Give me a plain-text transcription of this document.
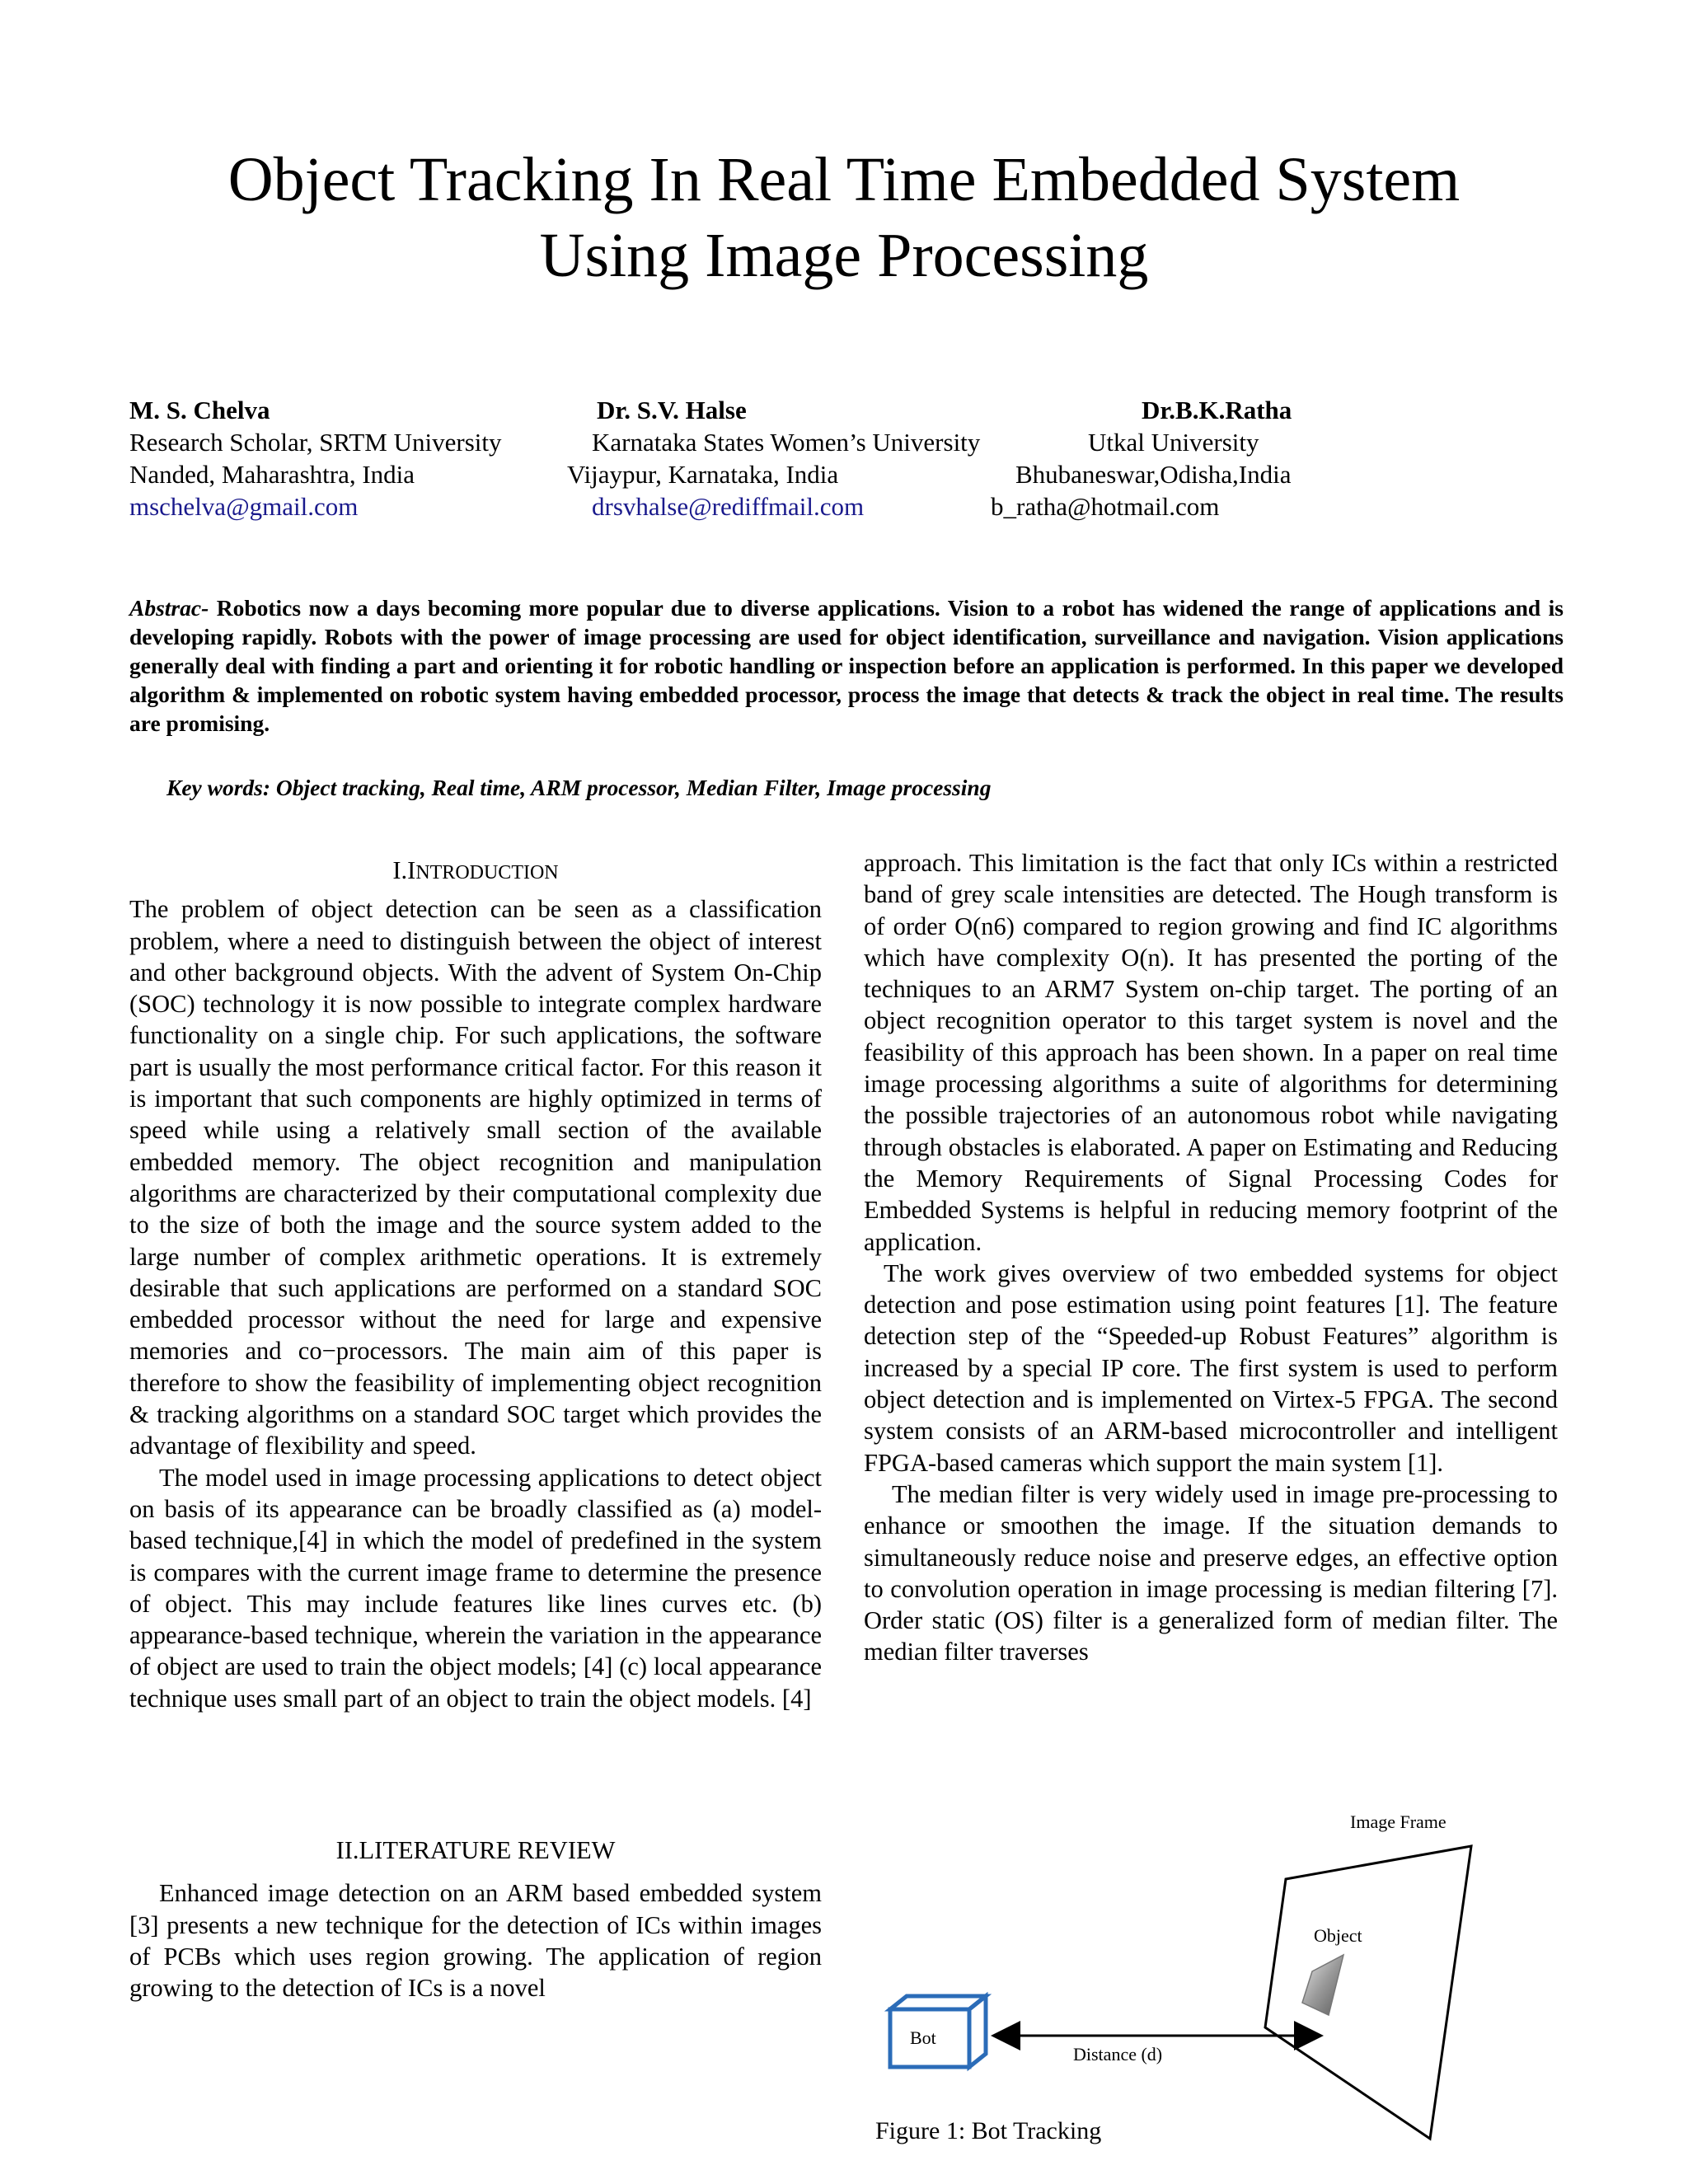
Object Tracking In Real Time Embedded System
Using Image Processing
M. S. Chelva
Research Scholar, SRTM University
Nanded, Maharashtra, India
mschelva@gmail.com
Dr. S.V. Halse
Karnataka States Women’s University
Vijaypur, Karnataka, India
drsvhalse@rediffmail.com
Dr.B.K.Ratha
Utkal University
Bhubaneswar,Odisha,India
b_ratha@hotmail.com
Abstrac- Robotics now a days becoming more popular due to diverse applications. Vision to a robot has widened the range of applications and is developing rapidly. Robots with the power of image processing are used for object identification, surveillance and navigation. Vision applications generally deal with finding a part and orienting it for robotic handling or inspection before an application is performed. In this paper we developed algorithm & implemented on robotic system having embedded processor, process the image that detects & track the object in real time. The results are promising.
Key words: Object tracking, Real time, ARM processor, Median Filter, Image processing
I.INTRODUCTION

The problem of object detection can be seen as a classification problem, where a need to distinguish between the object of interest and other background objects. With the advent of System On-Chip (SOC) technology it is now possible to integrate complex hardware functionality on a single chip. For such applications, the software part is usually the most performance critical factor. For this reason it is important that such components are highly optimized in terms of speed while using a relatively small section of the available embedded memory. The object recognition and manipulation algorithms are characterized by their computational complexity due to the size of both the image and the source system added to the large number of complex arithmetic operations. It is extremely desirable that such applications are performed on a standard SOC embedded processor without the need for large and expensive memories and co−processors. The main aim of this paper is therefore to show the feasibility of implementing object recognition & tracking algorithms on a standard SOC target which provides the advantage of flexibility and speed.

The model used in image processing applications to detect object on basis of its appearance can be broadly classified as (a) model-based technique,[4] in which the model of predefined in the system is compares with the current image frame to determine the presence of object. This may include features like lines curves etc. (b) appearance-based technique, wherein the variation in the appearance of object are used to train the object models; [4] (c) local appearance technique uses small part of an object to train the object models. [4]

II.LITERATURE REVIEW

Enhanced image detection on an ARM based embedded system [3] presents a new technique for the detection of ICs within images of PCBs which uses region growing. The application of region growing to the detection of ICs is a novel

approach. This limitation is the fact that only ICs within a restricted band of grey scale intensities are detected. The Hough transform is of order O(n6) compared to region growing and find IC algorithms which have complexity O(n). It has presented the porting of the techniques to an ARM7 System on-chip target. The porting of an object recognition operator to this target system is novel and the feasibility of this approach has been shown. In a paper on real time image processing algorithms a suite of algorithms for determining the possible trajectories of an autonomous robot while navigating through obstacles is elaborated. A paper on Estimating and Reducing the Memory Requirements of Signal Processing Codes for Embedded Systems is helpful in reducing memory footprint of the application.

The work gives overview of two embedded systems for object detection and pose estimation using point features [1]. The feature detection step of the “Speeded-up Robust Features” algorithm is increased by a special IP core. The first system is used to perform object detection and is implemented on Virtex-5 FPGA. The second system consists of an ARM-based microcontroller and intelligent FPGA-based cameras which support the main system [1].

The median filter is very widely used in image pre-processing to enhance or smoothen the image. If the situation demands to simultaneously reduce noise and preserve edges, an effective option to convolution operation in image processing is median filtering [7]. Order static (OS) filter is a generalized form of median filter. The median filter traverses

Image Frame
Object
Bot
Distance (d)
Figure 1: Bot Tracking
